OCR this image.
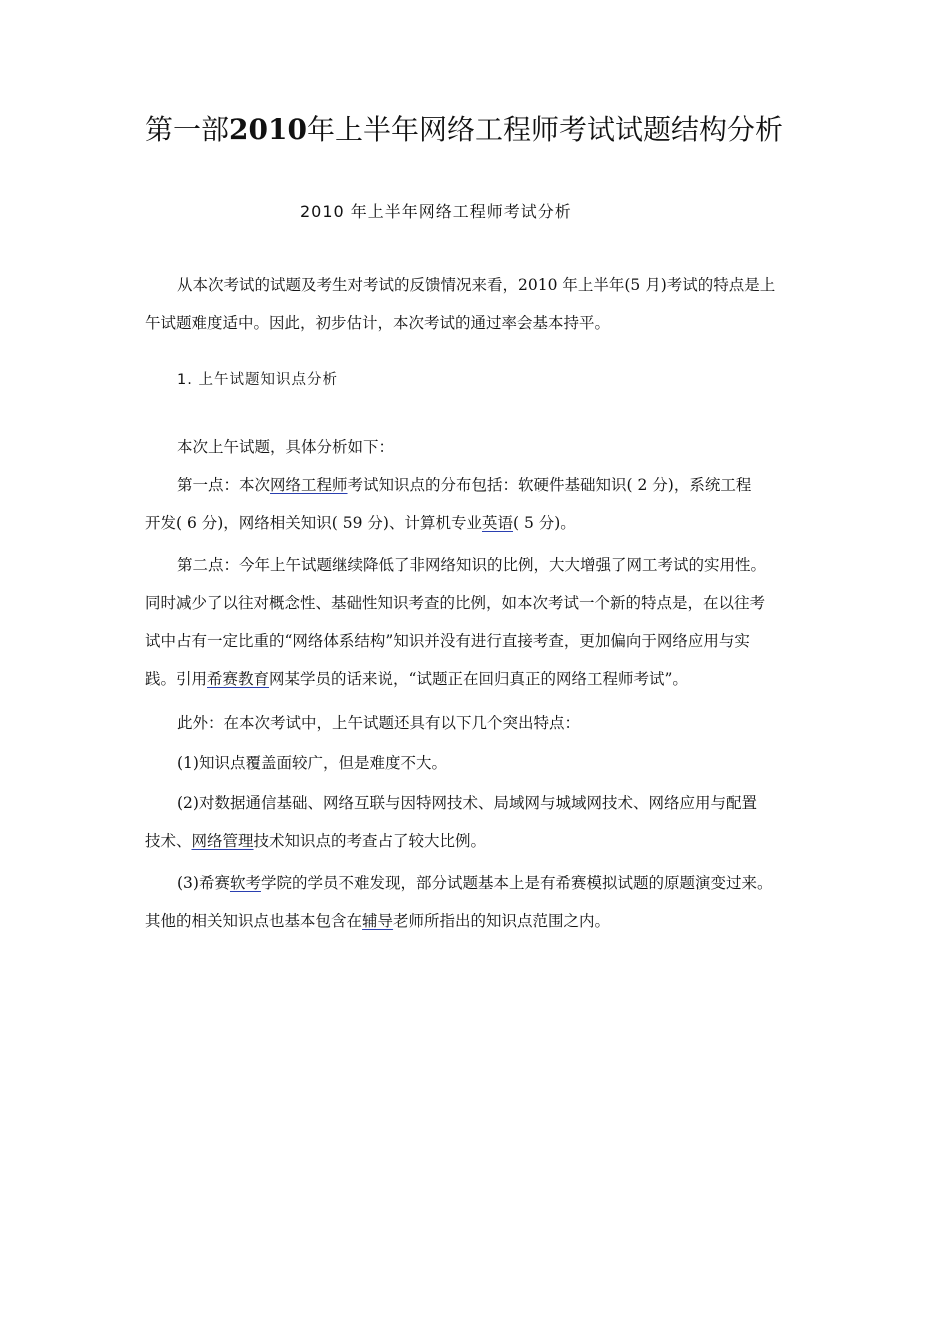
第一部2010年上半年网络工程师考试试题结构分析
2010 年上半年网络工程师考试分析
从本次考试的试题及考生对考试的反馈情况来看，2010 年上半年(5 月)考试的特点是上
午试题难度适中。因此，初步估计，本次考试的通过率会基本持平。
1. 上午试题知识点分析
本次上午试题，具体分析如下：
第一点：本次网络工程师考试知识点的分布包括：软硬件基础知识( 2 分)，系统工程
开发( 6 分)，网络相关知识( 59 分)、计算机专业英语( 5 分)。
第二点：今年上午试题继续降低了非网络知识的比例，大大增强了网工考试的实用性。
同时减少了以往对概念性、基础性知识考查的比例，如本次考试一个新的特点是，在以往考
试中占有一定比重的“网络体系结构”知识并没有进行直接考查，更加偏向于网络应用与实
践。引用希赛教育网某学员的话来说，“试题正在回归真正的网络工程师考试”。
此外：在本次考试中，上午试题还具有以下几个突出特点：
(1)知识点覆盖面较广，但是难度不大。
(2)对数据通信基础、网络互联与因特网技术、局域网与城域网技术、网络应用与配置
技术、网络管理技术知识点的考查占了较大比例。
(3)希赛软考学院的学员不难发现，部分试题基本上是有希赛模拟试题的原题演变过来。
其他的相关知识点也基本包含在辅导老师所指出的知识点范围之内。
